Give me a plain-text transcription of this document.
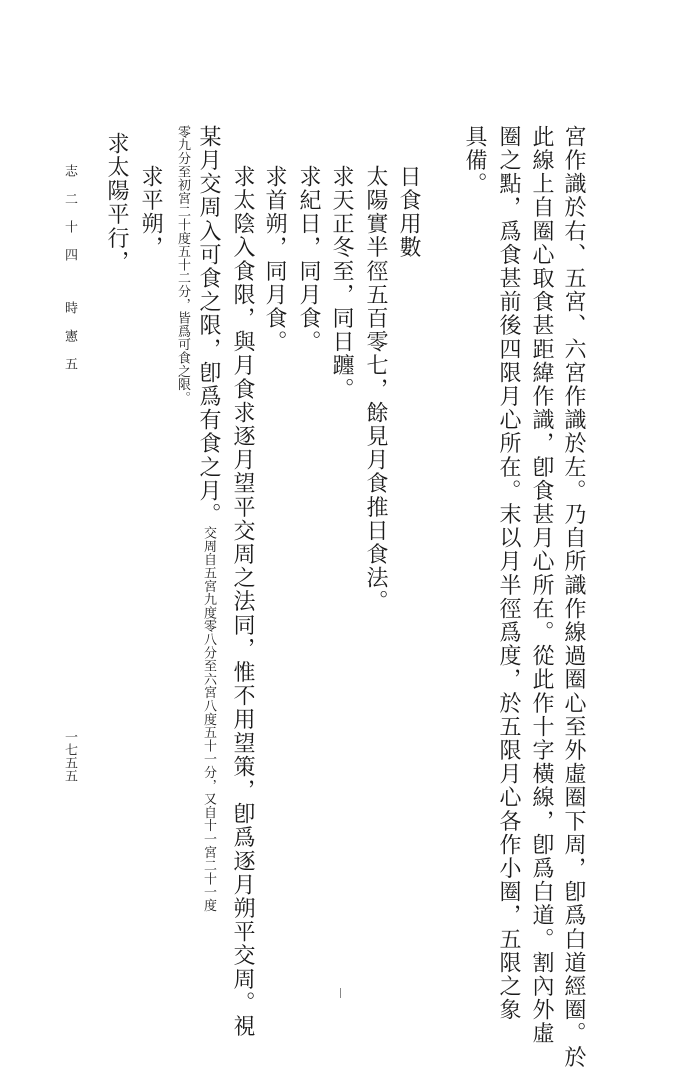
宮作識於右、五宮、六宮作識於左。乃自所識作線過圈心至外虛圈下周，卽爲白道經圈。於
此線上自圈心取食甚距緯作識，卽食甚月心所在。從此作十字橫線，卽爲白道。割內外虛
圈之點，爲食甚前後四限月心所在。末以月半徑爲度，於五限月心各作小圈，五限之象
具備。
日食用數
太陽實半徑五百零七，餘見月食推日食法。
求天正冬至，同日躔。
求紀日，同月食。
求首朔，同月食。
求太陰入食限，與月食求逐月望平交周之法同，惟不用望策，卽爲逐月朔平交周。視
某月交周入可食之限，卽爲有食之月。交周自五宮九度零八分至六宮八度五十一分，又自十一宮二十一度
零九分至初宮二十度五十二分，皆爲可食之限。
求平朔，
求太陽平行，
志 二 十 四時 憲 五
一七五五
